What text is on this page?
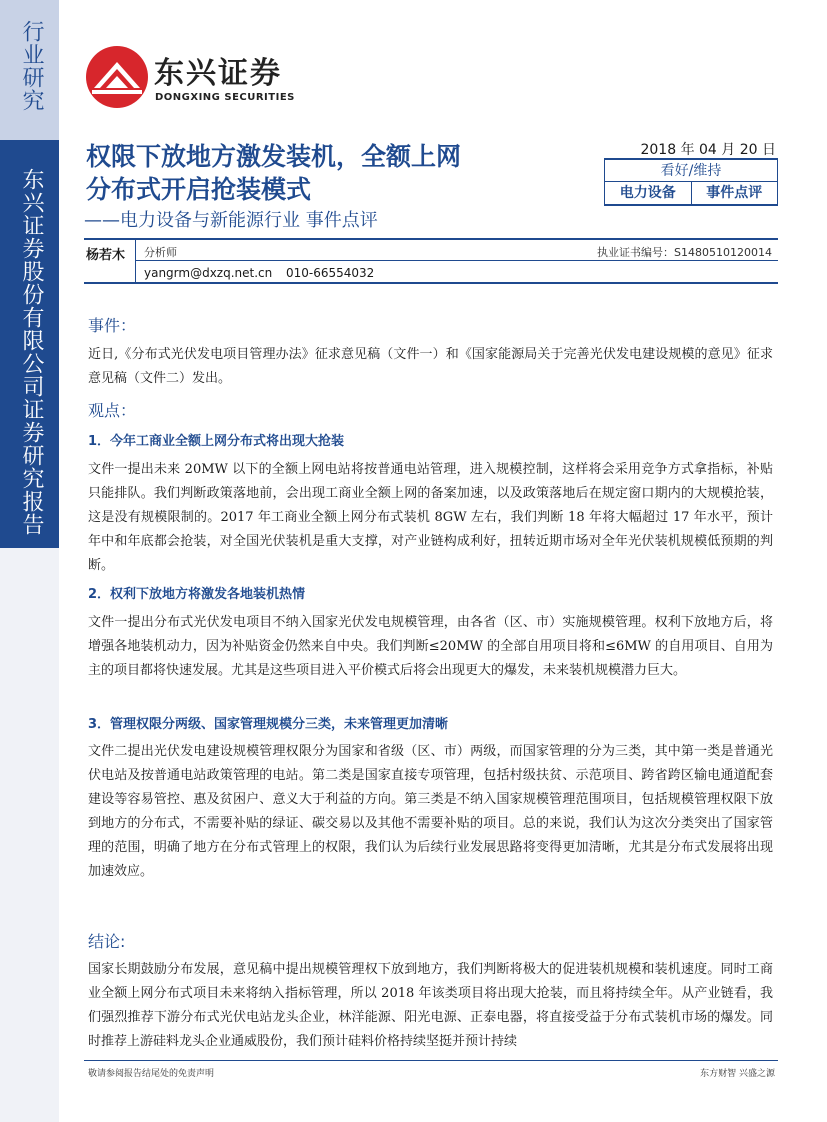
行业研究
东兴证券股份有限公司证券研究报告
东兴证券
DONGXING SECURITIES
权限下放地方激发装机，全额上网
分布式开启抢装模式
——电力设备与新能源行业 事件点评
2018 年 04 月 20 日
看好/维持
电力设备	事件点评
杨若木	分析师	执业证书编号：S1480510120014
yangrm@dxzq.net.cn 010-66554032
事件：
近日,《分布式光伏发电项目管理办法》征求意见稿（文件一）和《国家能源局关于完善光伏发电建设规模的意见》征求意见稿（文件二）发出。
观点：
1．今年工商业全额上网分布式将出现大抢装
文件一提出未来 20MW 以下的全额上网电站将按普通电站管理，进入规模控制，这样将会采用竞争方式拿指标，补贴只能排队。我们判断政策落地前，会出现工商业全额上网的备案加速，以及政策落地后在规定窗口期内的大规模抢装，这是没有规模限制的。2017 年工商业全额上网分布式装机 8GW 左右，我们判断 18 年将大幅超过 17 年水平，预计年中和年底都会抢装，对全国光伏装机是重大支撑，对产业链构成利好，扭转近期市场对全年光伏装机规模低预期的判断。
2．权利下放地方将激发各地装机热情
文件一提出分布式光伏发电项目不纳入国家光伏发电规模管理，由各省（区、市）实施规模管理。权利下放地方后，将增强各地装机动力，因为补贴资金仍然来自中央。我们判断≤20MW 的全部自用项目将和≤6MW 的自用项目、自用为主的项目都将快速发展。尤其是这些项目进入平价模式后将会出现更大的爆发，未来装机规模潜力巨大。
3．管理权限分两级、国家管理规模分三类，未来管理更加清晰
文件二提出光伏发电建设规模管理权限分为国家和省级（区、市）两级，而国家管理的分为三类，其中第一类是普通光伏电站及按普通电站政策管理的电站。第二类是国家直接专项管理，包括村级扶贫、示范项目、跨省跨区输电通道配套建设等容易管控、惠及贫困户、意义大于利益的方向。第三类是不纳入国家规模管理范围项目，包括规模管理权限下放到地方的分布式，不需要补贴的绿证、碳交易以及其他不需要补贴的项目。总的来说，我们认为这次分类突出了国家管理的范围，明确了地方在分布式管理上的权限，我们认为后续行业发展思路将变得更加清晰，尤其是分布式发展将出现加速效应。
结论:
国家长期鼓励分布发展，意见稿中提出规模管理权下放到地方，我们判断将极大的促进装机规模和装机速度。同时工商业全额上网分布式项目未来将纳入指标管理，所以 2018 年该类项目将出现大抢装，而且将持续全年。从产业链看，我们强烈推荐下游分布式光伏电站龙头企业，林洋能源、阳光电源、正泰电器，将直接受益于分布式装机市场的爆发。同时推荐上游硅料龙头企业通威股份，我们预计硅料价格持续坚挺并预计持续
敬请参阅报告结尾处的免责声明	东方财智 兴盛之源
